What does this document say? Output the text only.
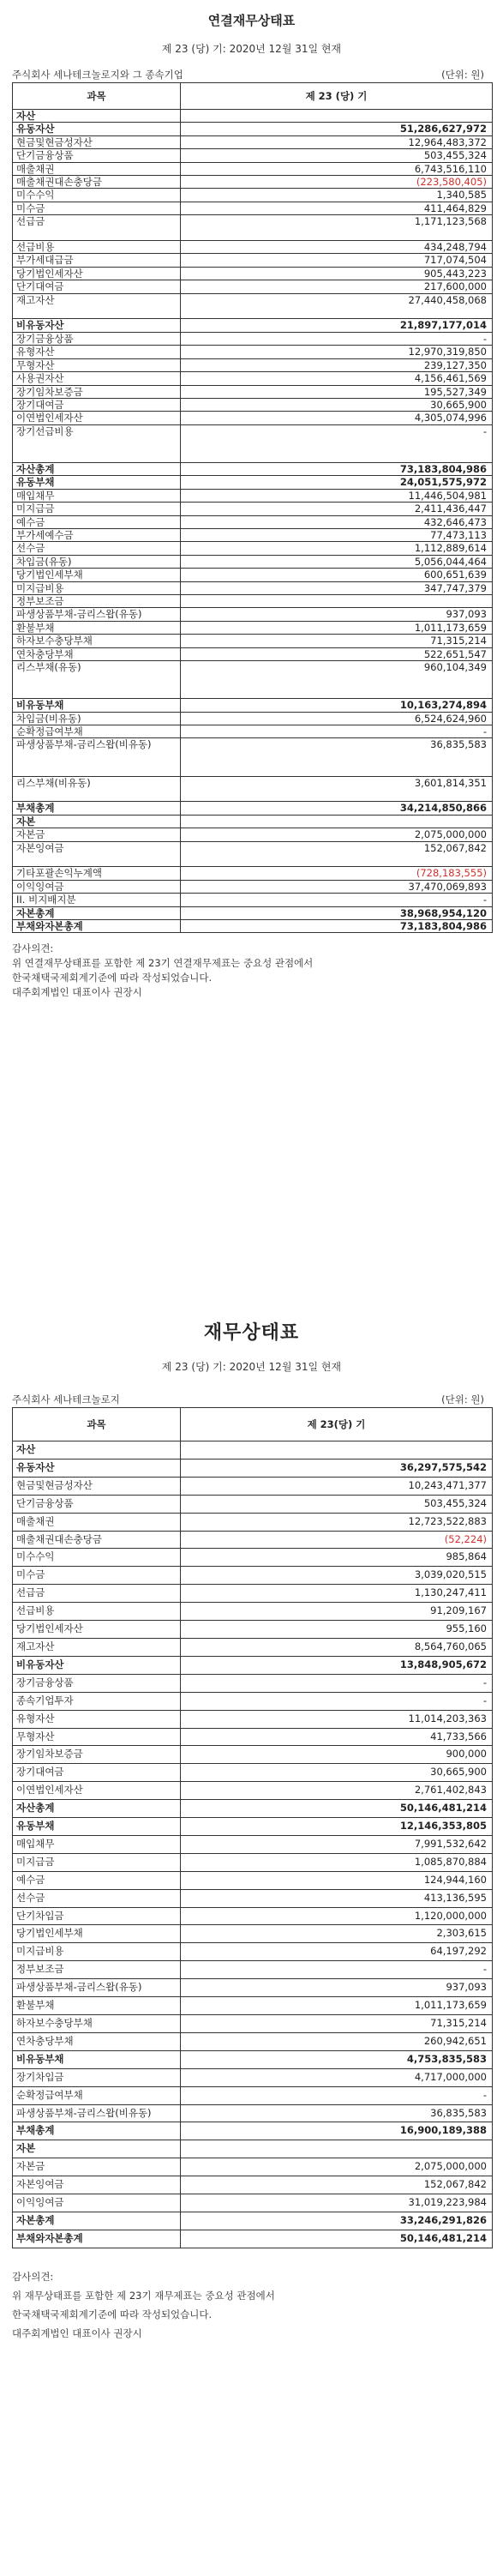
연결재무상태표
제 23 (당) 기: 2020년 12월 31일 현재
주식회사 세나테크놀로지와 그 종속기업	(단위: 원)
과목	제 23 (당) 기
자산	
유동자산	51,286,627,972
현금및현금성자산	12,964,483,372
단기금융상품	503,455,324
매출채권	6,743,516,110
매출채권대손충당금	(223,580,405)
미수수익	1,340,585
미수금	411,464,829
선급금	1,171,123,568

선급비용	434,248,794
부가세대급금	717,074,504
당기법인세자산	905,443,223
단기대여금	217,600,000
재고자산	27,440,458,068

비유동자산	21,897,177,014
장기금융상품	-
유형자산	12,970,319,850
무형자산	239,127,350
사용권자산	4,156,461,569
장기임차보증금	195,527,349
장기대여금	30,665,900
이연법인세자산	4,305,074,996
장기선급비용	-

자산총계	73,183,804,986
유동부채	24,051,575,972
매입채무	11,446,504,981
미지급금	2,411,436,447
예수금	432,646,473
부가세예수금	77,473,113
선수금	1,112,889,614
차입금(유동)	5,056,044,464
당기법인세부채	600,651,639
미지급비용	347,747,379
정부보조금	
파생상품부채-금리스왑(유동)	937,093
환불부채	1,011,173,659
하자보수충당부채	71,315,214
연차충당부채	522,651,547
리스부채(유동)	960,104,349

비유동부채	10,163,274,894
차입금(비유동)	6,524,624,960
순확정급여부채	-
파생상품부채-금리스왑(비유동)	36,835,583

리스부채(비유동)	3,601,814,351

부채총계	34,214,850,866
자본	
자본금	2,075,000,000
자본잉여금	152,067,842

기타포괄손익누계액	(728,183,555)
이익잉여금	37,470,069,893
II. 비지배지분	-
자본총계	38,968,954,120
부채와자본총계	73,183,804,986
감사의견:
위 연결재무상태표를 포함한 제 23기 연결재무제표는 중요성 관점에서
한국채택국제회계기준에 따라 작성되었습니다.
대주회계법인 대표이사 권장시
재무상태표
제 23 (당) 기: 2020년 12월 31일 현재
주식회사 세나테크놀로지	(단위: 원)
과목	제 23(당) 기
자산	
유동자산	36,297,575,542
현금및현금성자산	10,243,471,377
단기금융상품	503,455,324
매출채권	12,723,522,883
매출채권대손충당금	(52,224)
미수수익	985,864
미수금	3,039,020,515
선급금	1,130,247,411
선급비용	91,209,167
당기법인세자산	955,160
재고자산	8,564,760,065
비유동자산	13,848,905,672
장기금융상품	-
종속기업투자	-
유형자산	11,014,203,363
무형자산	41,733,566
장기임차보증금	900,000
장기대여금	30,665,900
이연법인세자산	2,761,402,843
자산총계	50,146,481,214
유동부채	12,146,353,805
매입채무	7,991,532,642
미지급금	1,085,870,884
예수금	124,944,160
선수금	413,136,595
단기차입금	1,120,000,000
당기법인세부채	2,303,615
미지급비용	64,197,292
정부보조금	-
파생상품부채-금리스왑(유동)	937,093
환불부채	1,011,173,659
하자보수충당부채	71,315,214
연차충당부채	260,942,651
비유동부채	4,753,835,583
장기차입금	4,717,000,000
순확정급여부채	-
파생상품부채-금리스왑(비유동)	36,835,583
부채총계	16,900,189,388
자본	
자본금	2,075,000,000
자본잉여금	152,067,842
이익잉여금	31,019,223,984
자본총계	33,246,291,826
부채와자본총계	50,146,481,214
감사의견:
위 재무상태표를 포함한 제 23기 재무제표는 중요성 관점에서
한국채택국제회계기준에 따라 작성되었습니다.
대주회계법인 대표이사 권장시
